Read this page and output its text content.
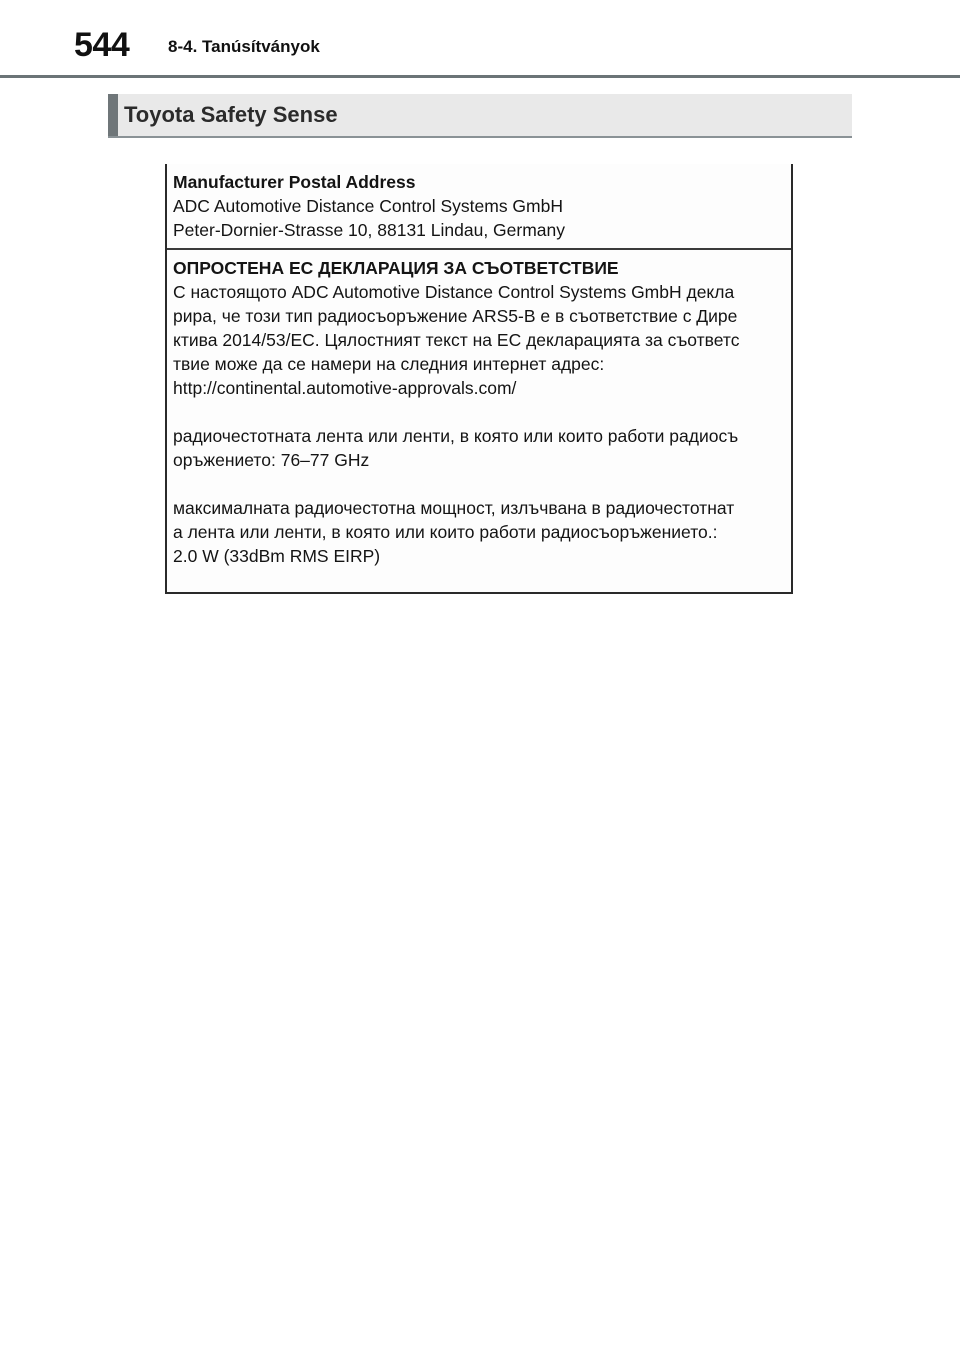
544 8-4. Tanúsítványok
Toyota Safety Sense
Manufacturer Postal Address
ADC Automotive Distance Control Systems GmbH
Peter-Dornier-Strasse 10, 88131 Lindau, Germany
ОПРОСТЕНА ЕС ДЕКЛАРАЦИЯ ЗА СЪОТВЕТСТВИЕ
С настоящото ADC Automotive Distance Control Systems GmbH декла
рира, че този тип радиосъоръжение ARS5-B е в съответствие с Дире
ктива 2014/53/ЕС. Цялостният текст на ЕС декларацията за съответс
твие може да се намери на следния интернет адрес:
http://continental.automotive-approvals.com/
радиочестотната лента или ленти, в която или които работи радиосъ
оръжението: 76–77 GHz
максималната радиочестотна мощност, излъчвана в радиочестотнат
а лента или ленти, в която или които работи радиосъоръжението.:
2.0 W (33dBm RMS EIRP)
